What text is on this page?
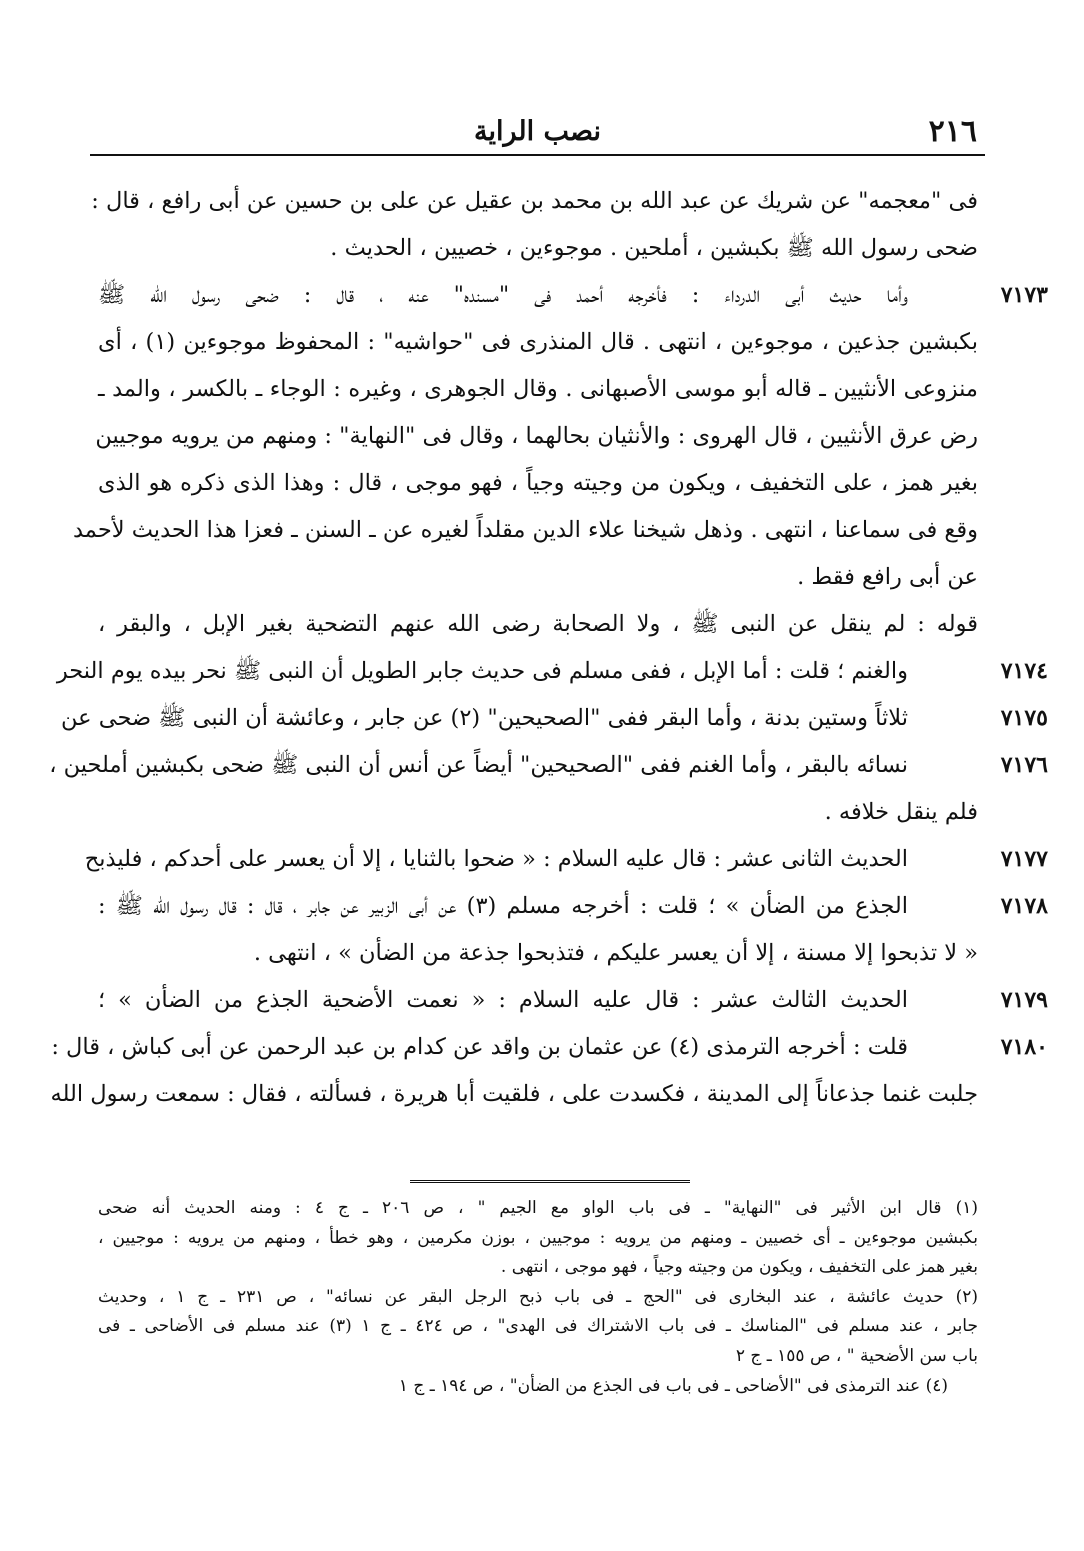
٢١٦
نصب الراية
فى "معجمه" عن شريك عن عبد الله بن محمد بن عقيل عن على بن حسين عن أبى رافع ، قال :
ضحى رسول الله ﷺ بكبشين ، أملحين . موجوءين ، خصيين ، الحديث .
٧١٧٣
وأما حديث أبى الدرداء : فأخرجه أحمد فى "مسنده" عنه ، قال : ضحى رسول الله ﷺ
بكبشين جذعين ، موجوءين ، انتهى . قال المنذرى فى "حواشيه" : المحفوظ موجوءين (١) ، أى
منزوعى الأنثيين ـ قاله أبو موسى الأصبهانى . وقال الجوهرى ، وغيره : الوجاء ـ بالكسر ، والمد ـ
رض عرق الأنثيين ، قال الهروى : والأنثيان بحالهما ، وقال فى "النهاية" : ومنهم من يرويه موجيين
بغير همز ، على التخفيف ، ويكون من وجيته وجياً ، فهو موجى ، قال : وهذا الذى ذكره هو الذى
وقع فى سماعنا ، انتهى . وذهل شيخنا علاء الدين مقلداً لغيره عن ـ السنن ـ فعزا هذا الحديث لأحمد
عن أبى رافع فقط .
قوله : لم ينقل عن النبى ﷺ ، ولا الصحابة رضى الله عنهم التضحية بغير الإبل ، والبقر ،
٧١٧٤
والغنم ؛ قلت : أما الإبل ، ففى مسلم فى حديث جابر الطويل أن النبى ﷺ نحر بيده يوم النحر
٧١٧٥
ثلاثاً وستين بدنة ، وأما البقر ففى "الصحيحين" (٢) عن جابر ، وعائشة أن النبى ﷺ ضحى عن
٧١٧٦
نسائه بالبقر ، وأما الغنم ففى "الصحيحين" أيضاً عن أنس أن النبى ﷺ ضحى بكبشين أملحين ،
فلم ينقل خلافه .
٧١٧٧
الحديث الثانى عشر : قال عليه السلام : « ضحوا بالثنايا ، إلا أن يعسر على أحدكم ، فليذبح
٧١٧٨
الجذع من الضأن » ؛ قلت : أخرجه مسلم (٣) عن أبى الزبير عن جابر ، قال : قال رسول الله ﷺ :
« لا تذبحوا إلا مسنة ، إلا أن يعسر عليكم ، فتذبحوا جذعة من الضأن » ، انتهى .
٧١٧٩
الحديث الثالث عشر : قال عليه السلام : « نعمت الأضحية الجذع من الضأن » ؛
٧١٨٠
قلت : أخرجه الترمذى (٤) عن عثمان بن واقد عن كدام بن عبد الرحمن عن أبى كباش ، قال :
جلبت غنما جذعاناً إلى المدينة ، فكسدت على ، فلقيت أبا هريرة ، فسألته ، فقال : سمعت رسول الله
(١) قال ابن الأثير فى "النهاية" ـ فى باب الواو مع الجيم " ، ص ٢٠٦ ـ ج ٤ : ومنه الحديث أنه ضحى
بكبشين موجوءين ـ أى خصيين ـ ومنهم من يرويه : موجيين ، بوزن مكرمين ، وهو خطأ ، ومنهم من يرويه : موجيين ،
بغير همز على التخفيف ، ويكون من وجيته وجياً ، فهو موجى ، انتهى .
(٢) حديث عائشة ، عند البخارى فى "الحج ـ فى باب ذبح الرجل البقر عن نسائه" ، ص ٢٣١ ـ ج ١ ، وحديث
جابر ، عند مسلم فى "المناسك ـ فى باب الاشتراك فى الهدى" ، ص ٤٢٤ ـ ج ١ (٣) عند مسلم فى الأضاحى ـ فى
باب سن الأضحية " ، ص ١٥٥ ـ ج ٢
(٤) عند الترمذى فى "الأضاحى ـ فى باب فى الجذع من الضأن" ، ص ١٩٤ ـ ج ١
